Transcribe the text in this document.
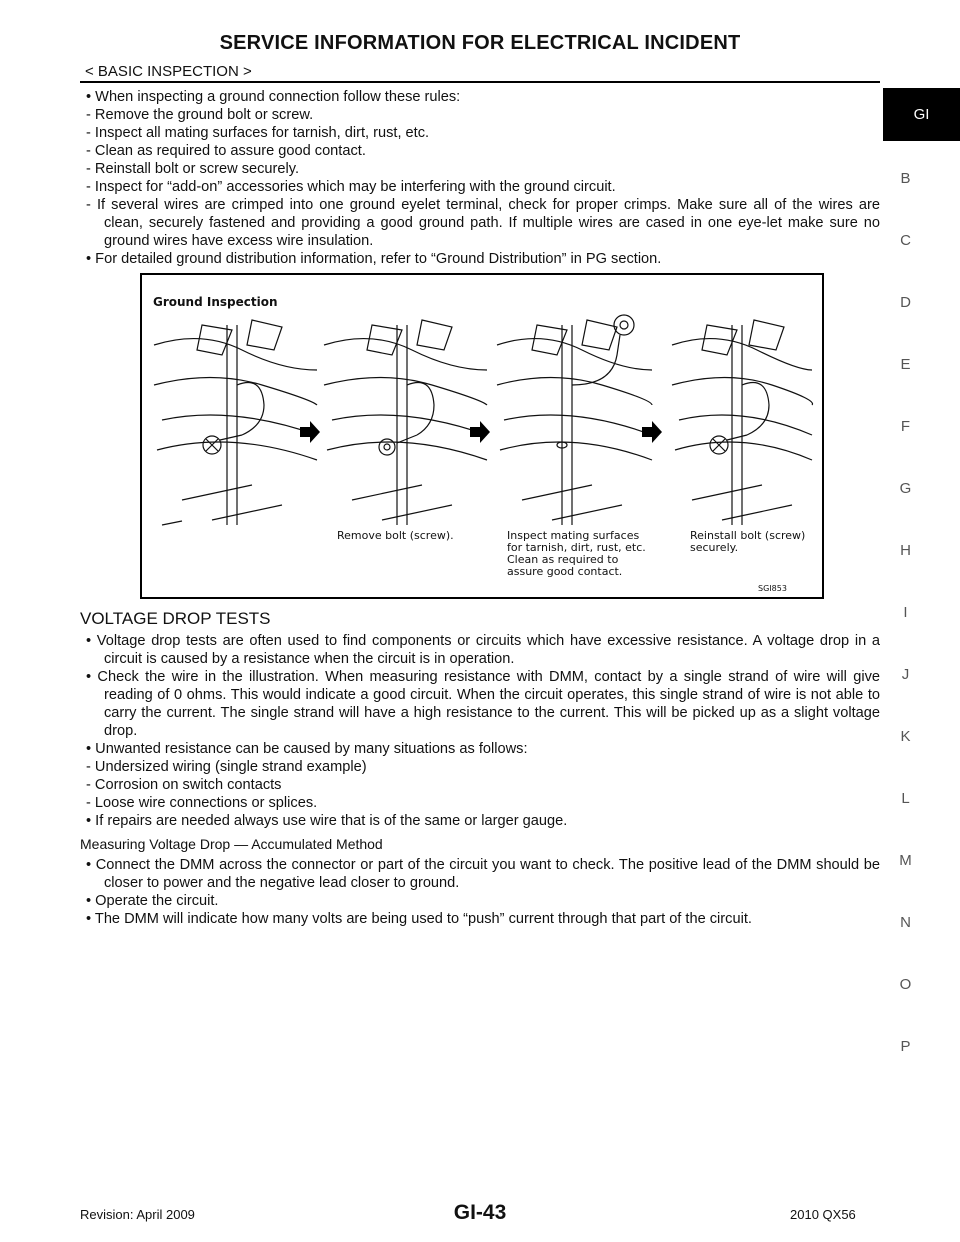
SERVICE INFORMATION FOR ELECTRICAL INCIDENT
< BASIC INSPECTION >
GI
B
C
D
E
F
G
H
I
J
K
L
M
N
O
P

• When inspecting a ground connection follow these rules:

- Remove the ground bolt or screw.

- Inspect all mating surfaces for tarnish, dirt, rust, etc.

- Clean as required to assure good contact.

- Reinstall bolt or screw securely.

- Inspect for “add-on” accessories which may be interfering with the ground circuit.

- If several wires are crimped into one ground eyelet terminal, check for proper crimps. Make sure all of the wires are clean, securely fastened and providing a good ground path. If multiple wires are cased in one eye-let make sure no ground wires have excess wire insulation.

• For detailed ground distribution information, refer to “Ground Distribution” in PG section.

Ground Inspection
Remove bolt (screw).	Inspect mating surfaces
for tarnish, dirt, rust, etc.
Clean as required to
assure good contact.
Reinstall bolt (screw)
securely.
SGI853

VOLTAGE DROP TESTS

• Voltage drop tests are often used to find components or circuits which have excessive resistance. A voltage drop in a circuit is caused by a resistance when the circuit is in operation.

• Check the wire in the illustration. When measuring resistance with DMM, contact by a single strand of wire will give reading of 0 ohms. This would indicate a good circuit. When the circuit operates, this single strand of wire is not able to carry the current. The single strand will have a high resistance to the current. This will be picked up as a slight voltage drop.

• Unwanted resistance can be caused by many situations as follows:

- Undersized wiring (single strand example)

- Corrosion on switch contacts

- Loose wire connections or splices.

• If repairs are needed always use wire that is of the same or larger gauge.

Measuring Voltage Drop — Accumulated Method

• Connect the DMM across the connector or part of the circuit you want to check. The positive lead of the DMM should be closer to power and the negative lead closer to ground.

• Operate the circuit.

• The DMM will indicate how many volts are being used to “push” current through that part of the circuit.

Revision: April 2009	GI-43	2010 QX56
